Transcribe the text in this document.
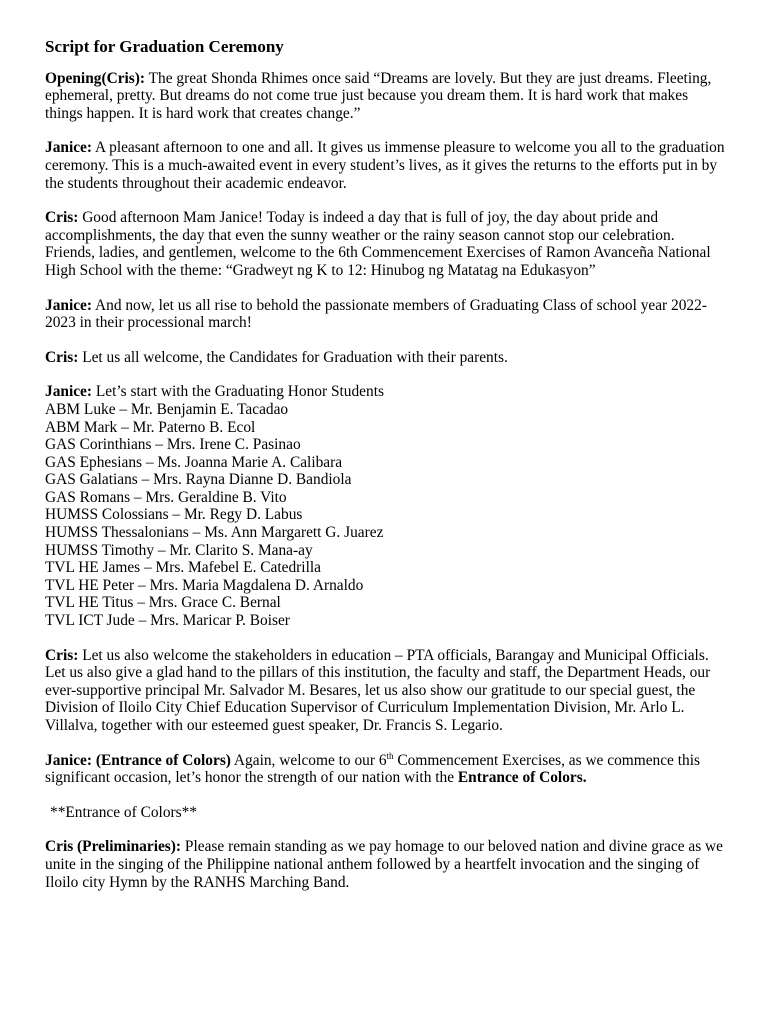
Script for Graduation Ceremony

Opening(Cris): The great Shonda Rhimes once said “Dreams are lovely. But they are just dreams. Fleeting, ephemeral, pretty. But dreams do not come true just because you dream them. It is hard work that makes things happen. It is hard work that creates change.”

Janice: A pleasant afternoon to one and all. It gives us immense pleasure to welcome you all to the graduation ceremony. This is a much-awaited event in every student’s lives, as it gives the returns to the efforts put in by the students throughout their academic endeavor.

Cris: Good afternoon Mam Janice! Today is indeed a day that is full of joy, the day about pride and accomplishments, the day that even the sunny weather or the rainy season cannot stop our celebration. Friends, ladies, and gentlemen, welcome to the 6th Commencement Exercises of Ramon Avanceña National High School with the theme: “Gradweyt ng K to 12: Hinubog ng Matatag na Edukasyon”

Janice: And now, let us all rise to behold the passionate members of Graduating Class of school year 2022-2023 in their processional march!

Cris: Let us all welcome, the Candidates for Graduation with their parents.

Janice: Let’s start with the Graduating Honor Students
ABM Luke – Mr. Benjamin E. Tacadao
ABM Mark – Mr. Paterno B. Ecol
GAS Corinthians – Mrs. Irene C. Pasinao
GAS Ephesians – Ms. Joanna Marie A. Calibara
GAS Galatians – Mrs. Rayna Dianne D. Bandiola
GAS Romans – Mrs. Geraldine B. Vito
HUMSS Colossians – Mr. Regy D. Labus
HUMSS Thessalonians – Ms. Ann Margarett G. Juarez
HUMSS Timothy – Mr. Clarito S. Mana-ay
TVL HE James – Mrs. Mafebel E. Catedrilla
TVL HE Peter – Mrs. Maria Magdalena D. Arnaldo
TVL HE Titus – Mrs. Grace C. Bernal
TVL ICT Jude – Mrs. Maricar P. Boiser

Cris: Let us also welcome the stakeholders in education – PTA officials, Barangay and Municipal Officials. Let us also give a glad hand to the pillars of this institution, the faculty and staff, the Department Heads, our ever-supportive principal Mr. Salvador M. Besares, let us also show our gratitude to our special guest, the Division of Iloilo City Chief Education Supervisor of Curriculum Implementation Division, Mr. Arlo L. Villalva, together with our esteemed guest speaker, Dr. Francis S. Legario.

Janice: (Entrance of Colors) Again, welcome to our 6th Commencement Exercises, as we commence this significant occasion, let’s honor the strength of our nation with the Entrance of Colors.

**Entrance of Colors**

Cris (Preliminaries): Please remain standing as we pay homage to our beloved nation and divine grace as we unite in the singing of the Philippine national anthem followed by a heartfelt invocation and the singing of Iloilo city Hymn by the RANHS Marching Band.
